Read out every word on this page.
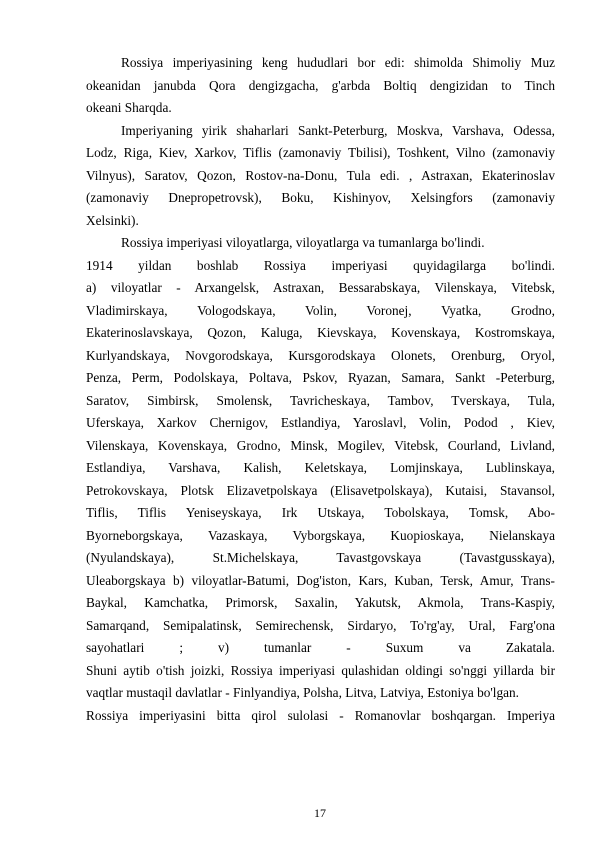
Rossiya imperiyasining keng hududlari bor edi: shimolda Shimoliy Muz
okeanidan janubda Qora dengizgacha, g'arbda Boltiq dengizidan to Tinch
okeani Sharqda.
Imperiyaning yirik shaharlari Sankt-Peterburg, Moskva, Varshava, Odessa,
Lodz, Riga, Kiev, Xarkov, Tiflis (zamonaviy Tbilisi), Toshkent, Vilno (zamonaviy
Vilnyus), Saratov, Qozon, Rostov-na-Donu, Tula edi. , Astraxan, Ekaterinoslav
(zamonaviy Dnepropetrovsk), Boku, Kishinyov, Xelsingfors (zamonaviy
Xelsinki).
Rossiya imperiyasi viloyatlarga, viloyatlarga va tumanlarga bo'lindi.
1914 yildan boshlab Rossiya imperiyasi quyidagilarga bo'lindi.
a) viloyatlar - Arxangelsk, Astraxan, Bessarabskaya, Vilenskaya, Vitebsk,
Vladimirskaya, Vologodskaya, Volin, Voronej, Vyatka, Grodno,
Ekaterinoslavskaya, Qozon, Kaluga, Kievskaya, Kovenskaya, Kostromskaya,
Kurlyandskaya, Novgorodskaya, Kursgorodskaya Olonets, Orenburg, Oryol,
Penza, Perm, Podolskaya, Poltava, Pskov, Ryazan, Samara, Sankt -Peterburg,
Saratov, Simbirsk, Smolensk, Tavricheskaya, Tambov, Tverskaya, Tula,
Uferskaya, Xarkov Chernigov, Estlandiya, Yaroslavl, Volin, Podod , Kiev,
Vilenskaya, Kovenskaya, Grodno, Minsk, Mogilev, Vitebsk, Courland, Livland,
Estlandiya, Varshava, Kalish, Keletskaya, Lomjinskaya, Lublinskaya,
Petrokovskaya, Plotsk Elizavetpolskaya (Elisavetpolskaya), Kutaisi, Stavansol,
Tiflis, Tiflis Yeniseyskaya, Irk Utskaya, Tobolskaya, Tomsk, Abo-
Byorneborgskaya, Vazaskaya, Vyborgskaya, Kuopioskaya, Nielanskaya
(Nyulandskaya), St.Michelskaya, Tavastgovskaya (Tavastgusskaya),
Uleaborgskaya b) viloyatlar-Batumi, Dog'iston, Kars, Kuban, Tersk, Amur, Trans-
Baykal, Kamchatka, Primorsk, Saxalin, Yakutsk, Akmola, Trans-Kaspiy,
Samarqand, Semipalatinsk, Semirechensk, Sirdaryo, To'rg'ay, Ural, Farg'ona
sayohatlari ; v) tumanlar - Suxum va Zakatala.
Shuni aytib o'tish joizki, Rossiya imperiyasi qulashidan oldingi so'nggi yillarda bir
vaqtlar mustaqil davlatlar - Finlyandiya, Polsha, Litva, Latviya, Estoniya bo'lgan.
Rossiya imperiyasini bitta qirol sulolasi - Romanovlar boshqargan. Imperiya
17
